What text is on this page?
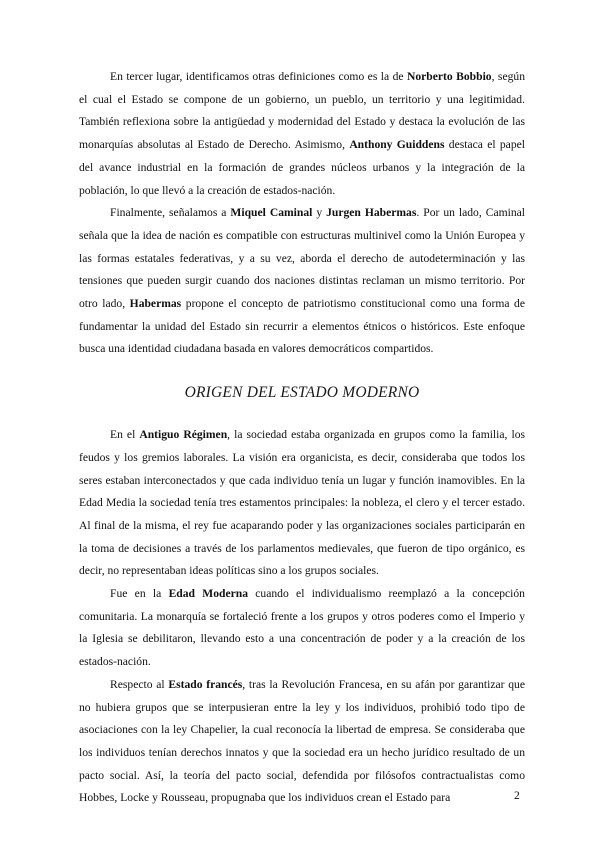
En tercer lugar, identificamos otras definiciones como es la de Norberto Bobbio, según el cual el Estado se compone de un gobierno, un pueblo, un territorio y una legitimidad. También reflexiona sobre la antigüedad y modernidad del Estado y destaca la evolución de las monarquías absolutas al Estado de Derecho. Asimismo, Anthony Guiddens destaca el papel del avance industrial en la formación de grandes núcleos urbanos y la integración de la población, lo que llevó a la creación de estados-nación.

Finalmente, señalamos a Miquel Caminal y Jurgen Habermas. Por un lado, Caminal señala que la idea de nación es compatible con estructuras multinivel como la Unión Europea y las formas estatales federativas, y a su vez, aborda el derecho de autodeterminación y las tensiones que pueden surgir cuando dos naciones distintas reclaman un mismo territorio. Por otro lado, Habermas propone el concepto de patriotismo constitucional como una forma de fundamentar la unidad del Estado sin recurrir a elementos étnicos o históricos. Este enfoque busca una identidad ciudadana basada en valores democráticos compartidos.

ORIGEN DEL ESTADO MODERNO

En el Antiguo Régimen, la sociedad estaba organizada en grupos como la familia, los feudos y los gremios laborales. La visión era organicista, es decir, consideraba que todos los seres estaban interconectados y que cada individuo tenía un lugar y función inamovibles. En la Edad Media la sociedad tenía tres estamentos principales: la nobleza, el clero y el tercer estado. Al final de la misma, el rey fue acaparando poder y las organizaciones sociales participarán en la toma de decisiones a través de los parlamentos medievales, que fueron de tipo orgánico, es decir, no representaban ideas políticas sino a los grupos sociales.

Fue en la Edad Moderna cuando el individualismo reemplazó a la concepción comunitaria. La monarquía se fortaleció frente a los grupos y otros poderes como el Imperio y la Iglesia se debilitaron, llevando esto a una concentración de poder y a la creación de los estados-nación.

Respecto al Estado francés, tras la Revolución Francesa, en su afán por garantizar que no hubiera grupos que se interpusieran entre la ley y los individuos, prohibió todo tipo de asociaciones con la ley Chapelier, la cual reconocía la libertad de empresa. Se consideraba que los individuos tenían derechos innatos y que la sociedad era un hecho jurídico resultado de un pacto social. Así, la teoría del pacto social, defendida por filósofos contractualistas como Hobbes, Locke y Rousseau, propugnaba que los individuos crean el Estado para	2
